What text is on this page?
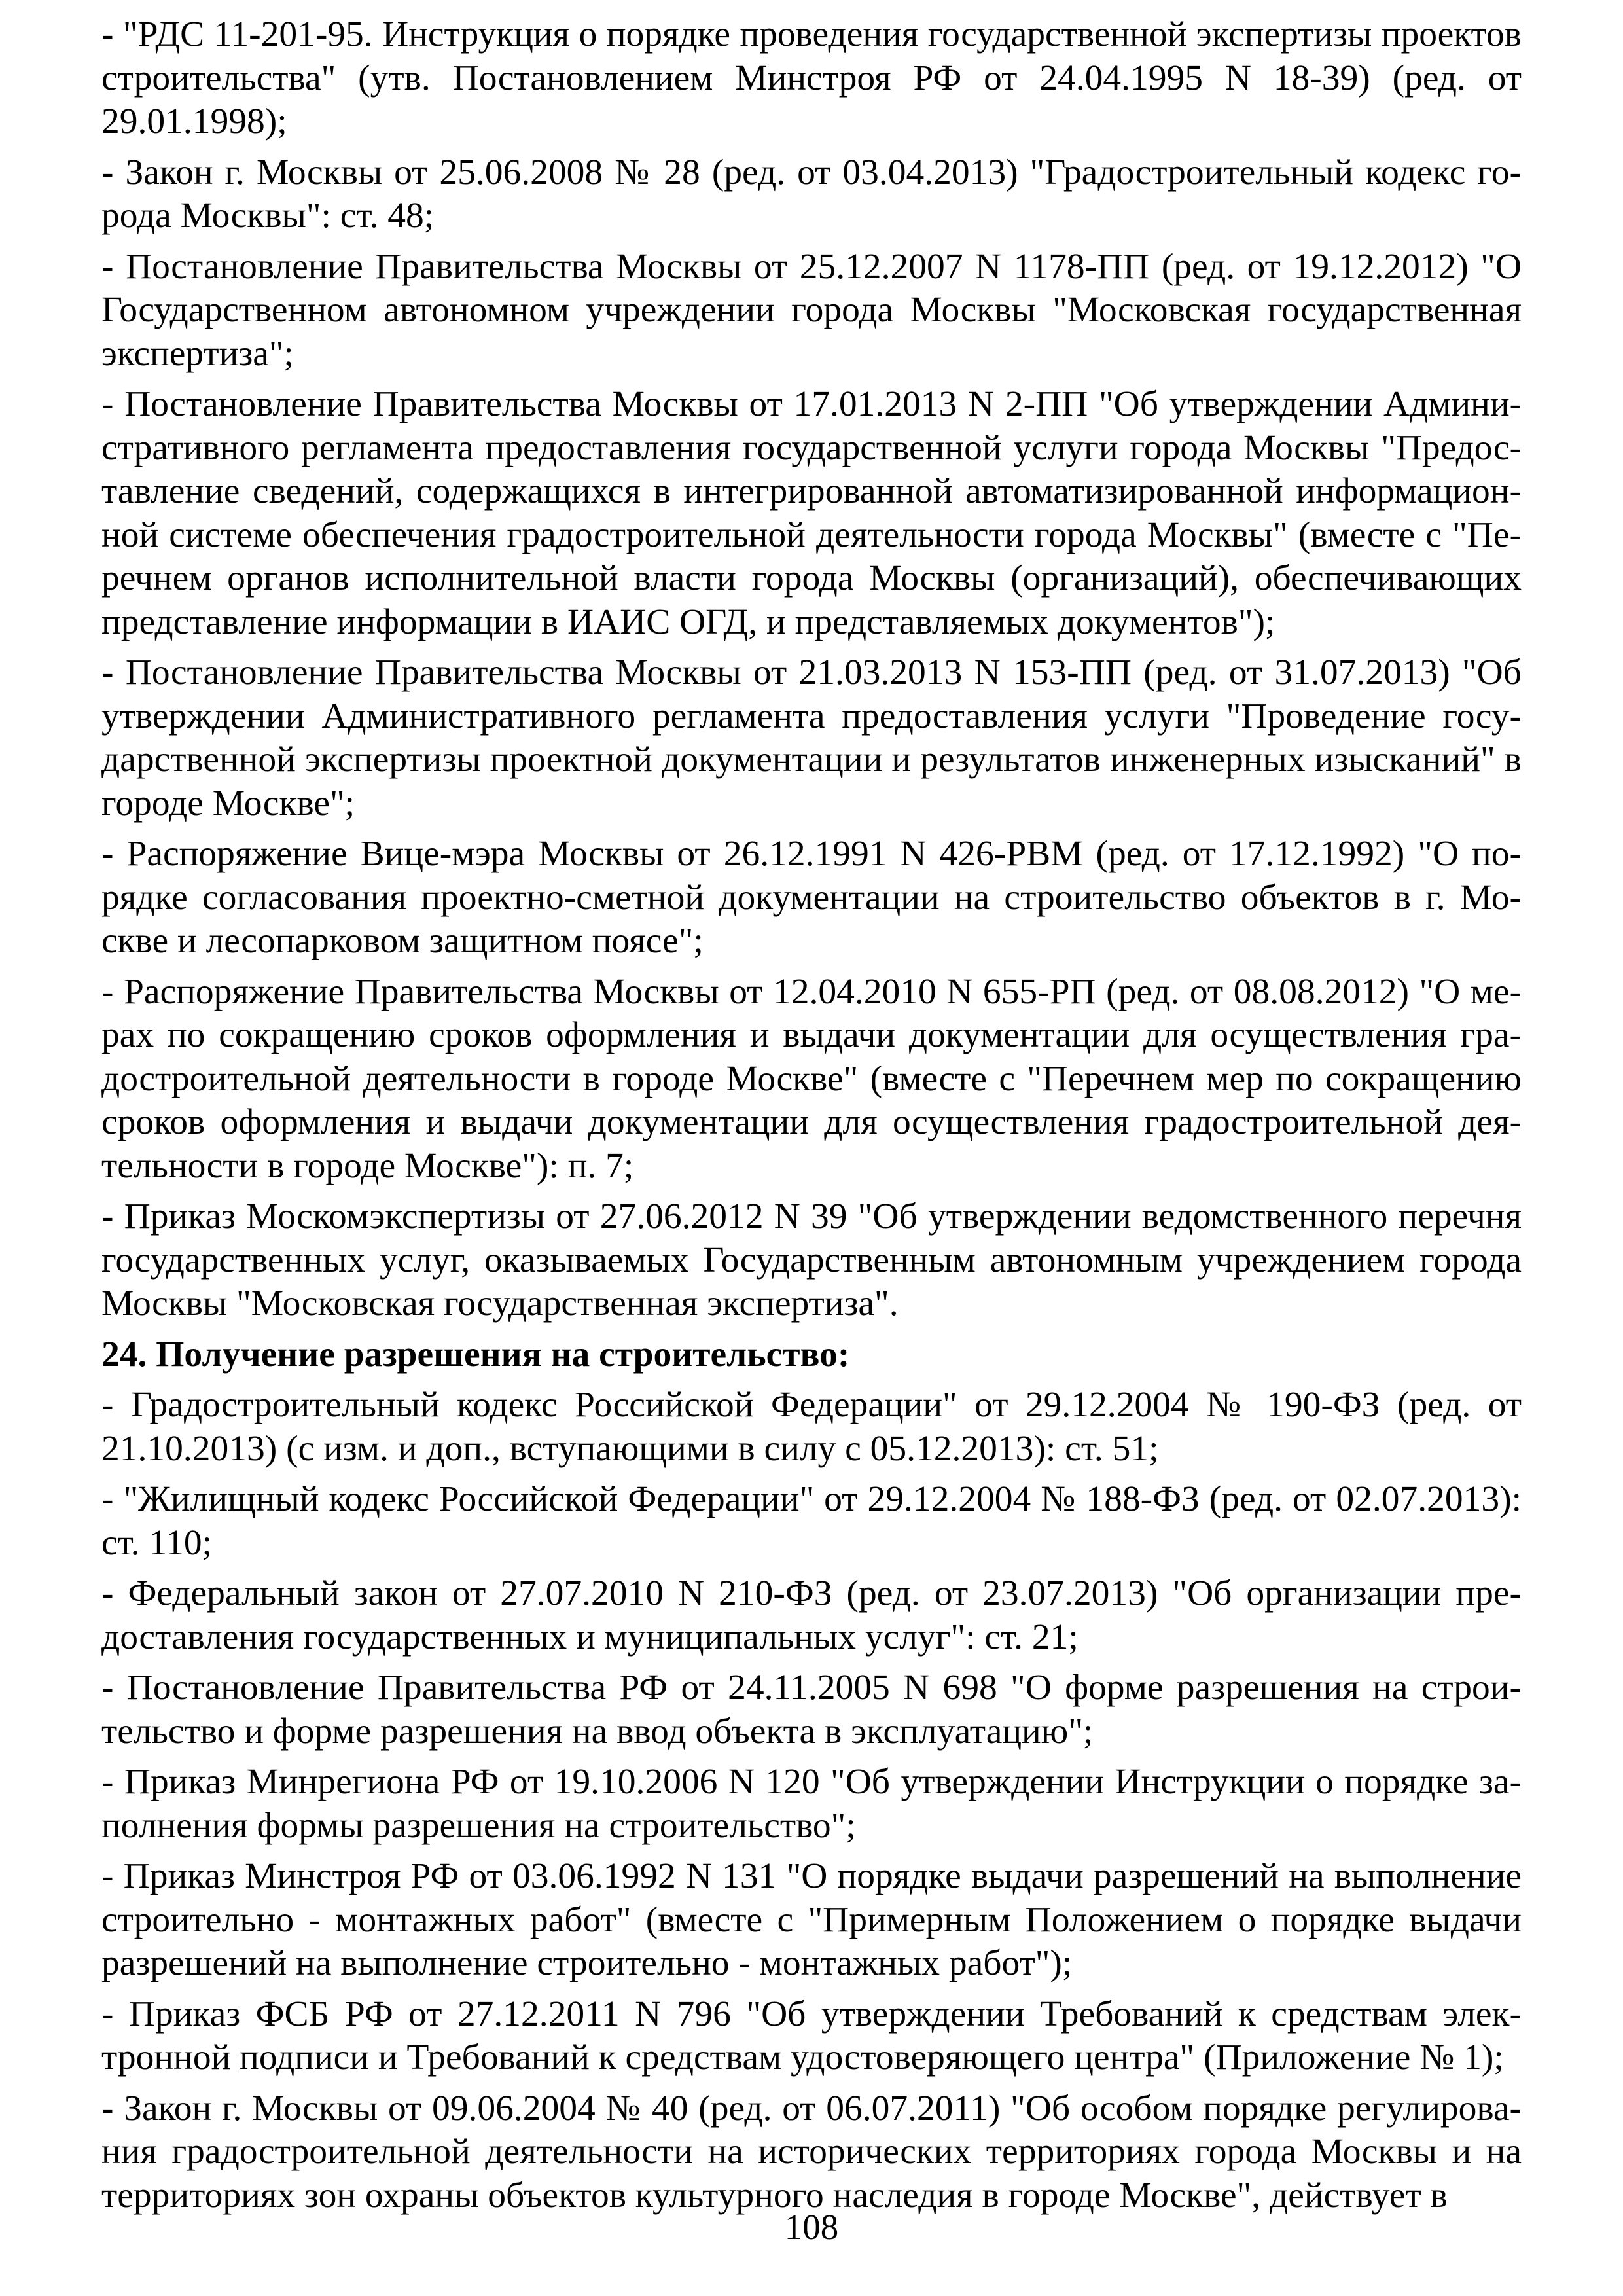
- "РДС 11-201-95. Инструкция о порядке проведения государственной экспертизы проектов строительства" (утв. Постановлением Минстроя РФ от 24.04.1995 N 18-39) (ред. от 29.01.1998);

- Закон г. Москвы от 25.06.2008 № 28 (ред. от 03.04.2013) "Градостроительный кодекс города Москвы": ст. 48;

- Постановление Правительства Москвы от 25.12.2007 N 1178-ПП (ред. от 19.12.2012) "О Государственном автономном учреждении города Москвы "Московская государственная экспертиза";

- Постановление Правительства Москвы от 17.01.2013 N 2-ПП "Об утверждении Административного регламента предоставления государственной услуги города Москвы "Предоставление сведений, содержащихся в интегрированной автоматизированной информационной системе обеспечения градостроительной деятельности города Москвы" (вместе с "Перечнем органов исполнительной власти города Москвы (организаций), обеспечивающих представление информации в ИАИС ОГД, и представляемых документов");

- Постановление Правительства Москвы от 21.03.2013 N 153-ПП (ред. от 31.07.2013) "Об утверждении Административного регламента предоставления услуги "Проведение государственной экспертизы проектной документации и результатов инженерных изысканий" в городе Москве";

- Распоряжение Вице-мэра Москвы от 26.12.1991 N 426-РВМ (ред. от 17.12.1992) "О порядке согласования проектно-сметной документации на строительство объектов в г. Москве и лесопарковом защитном поясе";

- Распоряжение Правительства Москвы от 12.04.2010 N 655-РП (ред. от 08.08.2012) "О мерах по сокращению сроков оформления и выдачи документации для осуществления градостроительной деятельности в городе Москве" (вместе с "Перечнем мер по сокращению сроков оформления и выдачи документации для осуществления градостроительной деятельности в городе Москве"): п. 7;

- Приказ Москомэкспертизы от 27.06.2012 N 39 "Об утверждении ведомственного перечня государственных услуг, оказываемых Государственным автономным учреждением города Москвы "Московская государственная экспертиза".

24. Получение разрешения на строительство:

- Градостроительный кодекс Российской Федерации" от 29.12.2004 № 190-ФЗ (ред. от 21.10.2013) (с изм. и доп., вступающими в силу с 05.12.2013): ст. 51;

- "Жилищный кодекс Российской Федерации" от 29.12.2004 № 188-ФЗ (ред. от 02.07.2013): ст. 110;

- Федеральный закон от 27.07.2010 N 210-ФЗ (ред. от 23.07.2013) "Об организации предоставления государственных и муниципальных услуг": ст. 21;

- Постановление Правительства РФ от 24.11.2005 N 698 "О форме разрешения на строительство и форме разрешения на ввод объекта в эксплуатацию";

- Приказ Минрегиона РФ от 19.10.2006 N 120 "Об утверждении Инструкции о порядке заполнения формы разрешения на строительство";

- Приказ Минстроя РФ от 03.06.1992 N 131 "О порядке выдачи разрешений на выполнение строительно - монтажных работ" (вместе с "Примерным Положением о порядке выдачи разрешений на выполнение строительно - монтажных работ");

- Приказ ФСБ РФ от 27.12.2011 N 796 "Об утверждении Требований к средствам электронной подписи и Требований к средствам удостоверяющего центра" (Приложение № 1);

- Закон г. Москвы от 09.06.2004 № 40 (ред. от 06.07.2011) "Об особом порядке регулирования градостроительной деятельности на исторических территориях города Москвы и на территориях зон охраны объектов культурного наследия в городе Москве", действует в

108
